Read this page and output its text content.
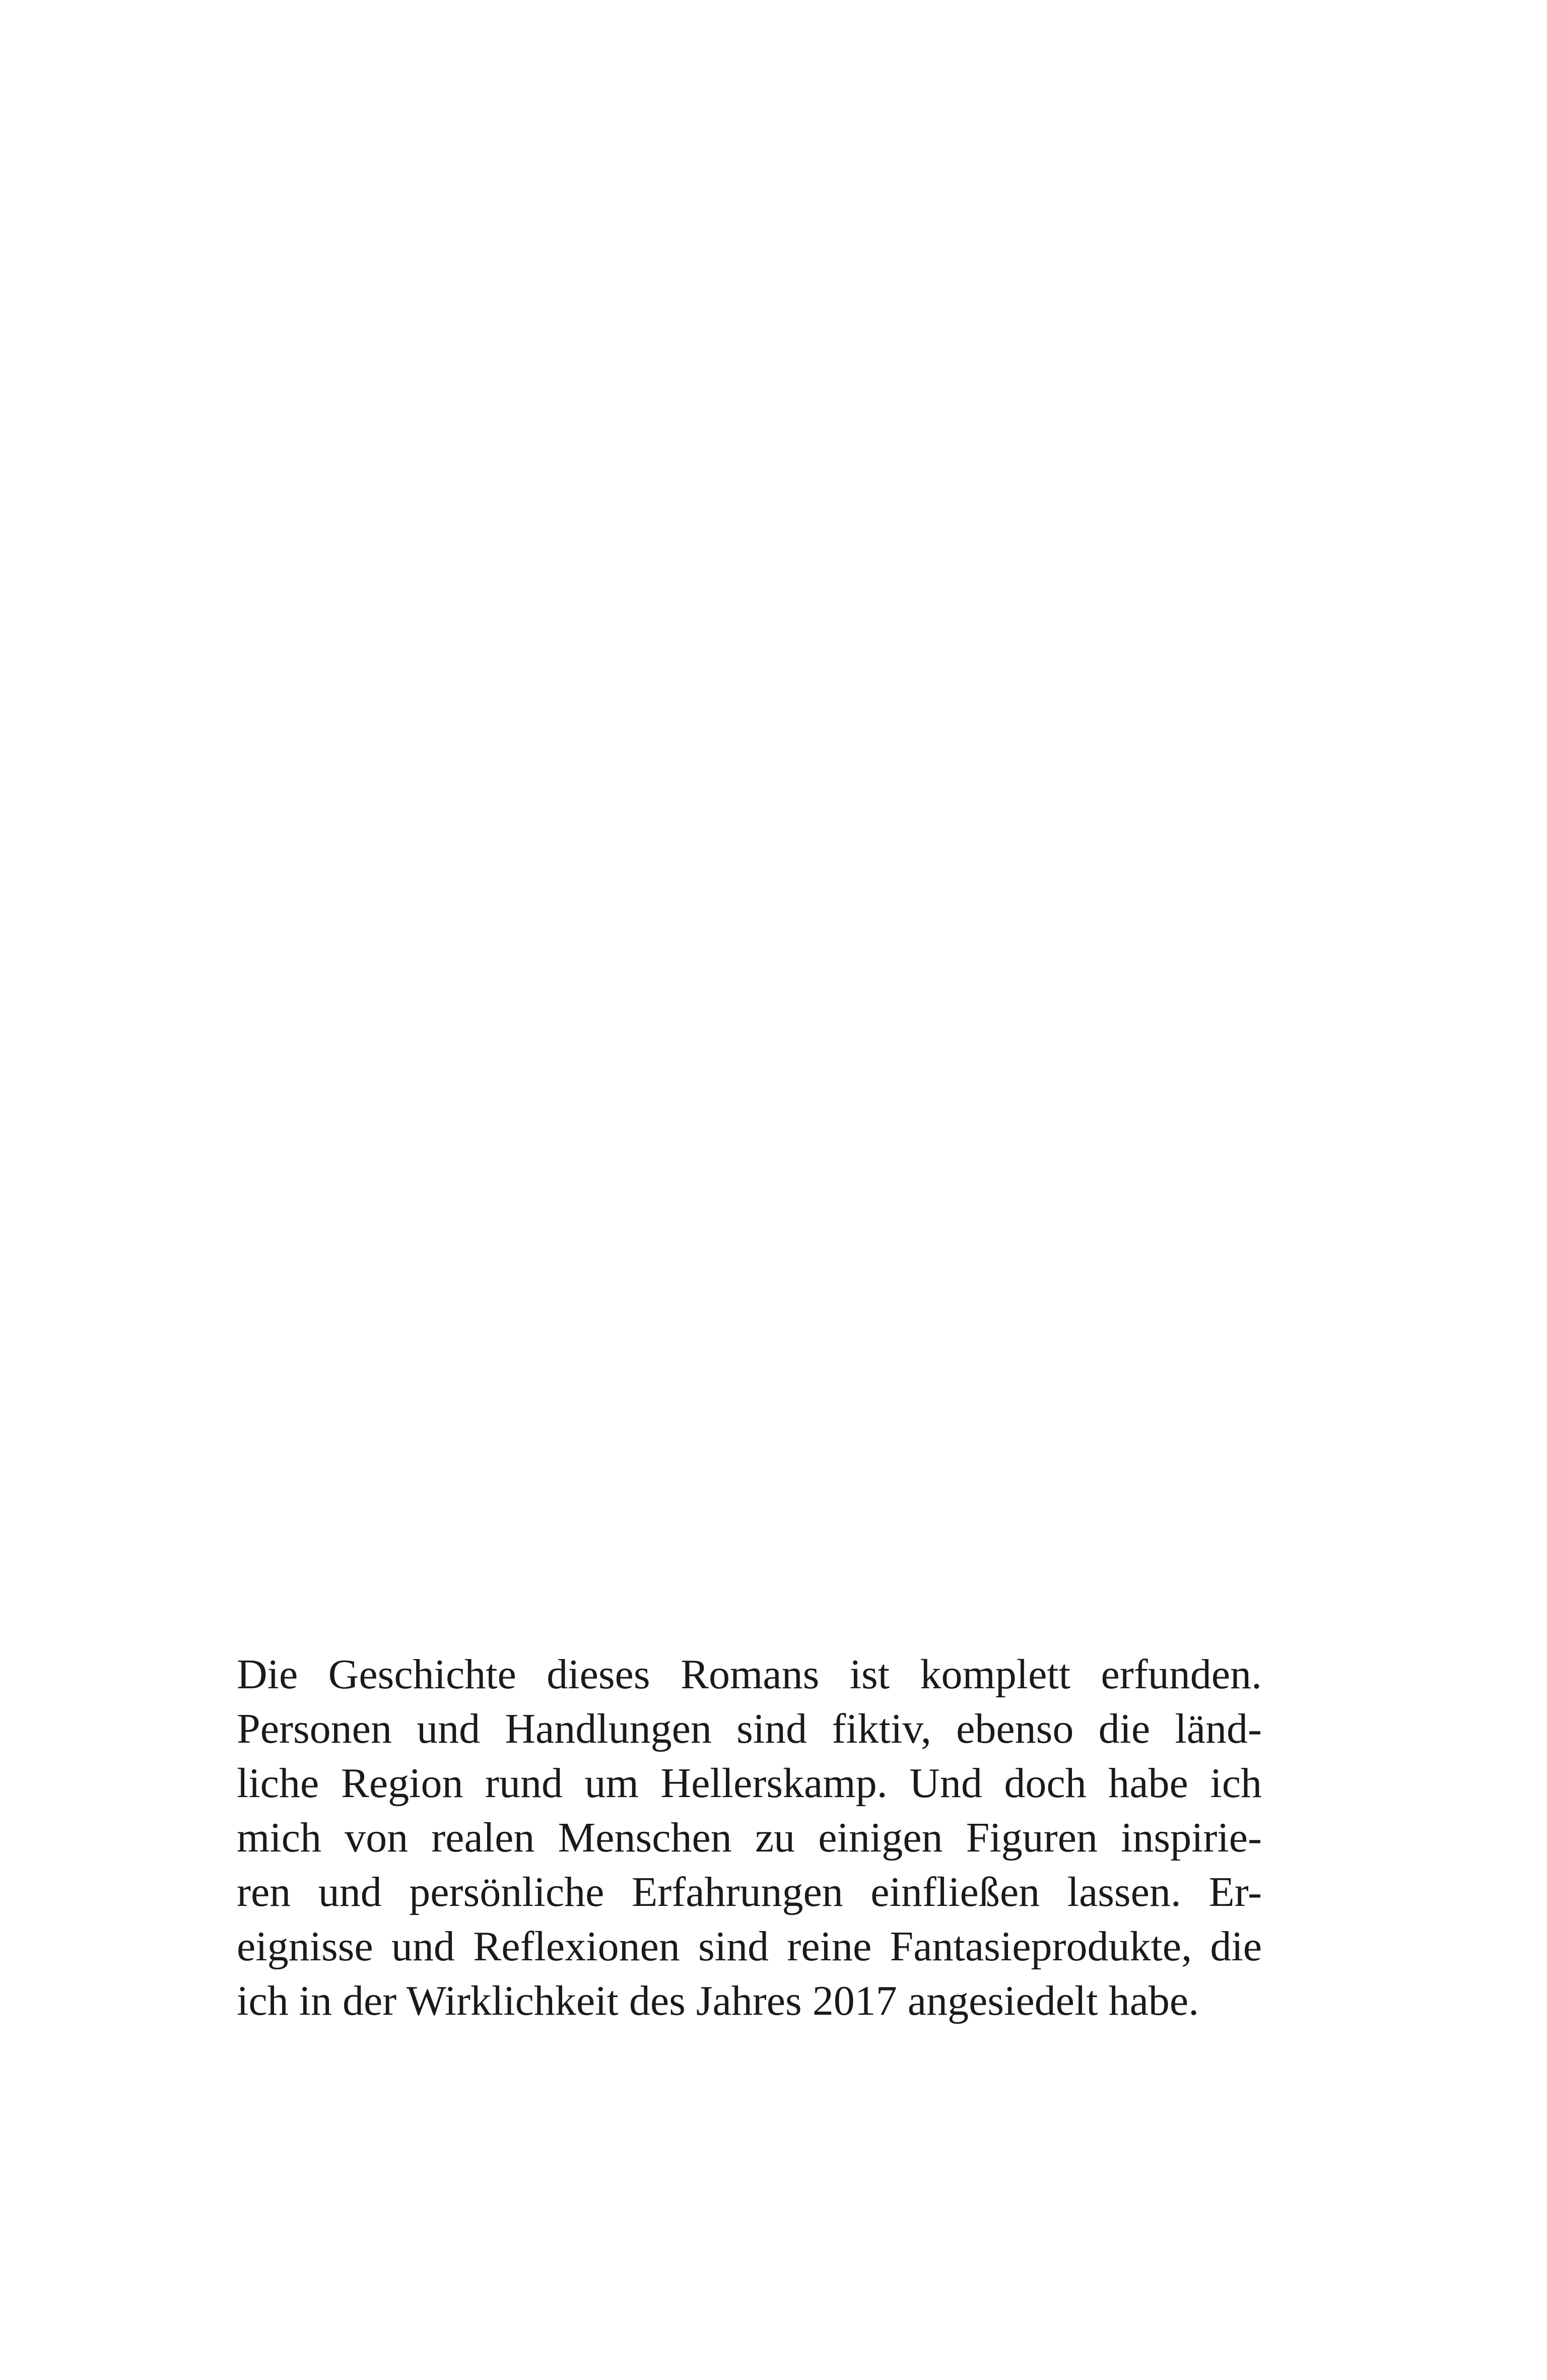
Die Geschichte dieses Romans ist komplett erfunden.
Personen und Handlungen sind fiktiv, ebenso die länd-
liche Region rund um Hellerskamp. Und doch habe ich
mich von realen Menschen zu einigen Figuren inspirie-
ren und persönliche Erfahrungen einfließen lassen. Er-
eignisse und Reflexionen sind reine Fantasieprodukte, die
ich in der Wirklichkeit des Jahres 2017 angesiedelt habe.
